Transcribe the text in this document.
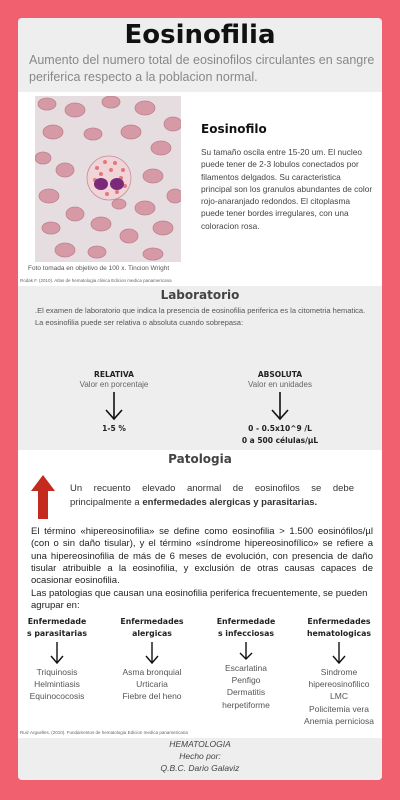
Eosinofilia

Aumento del numero total de eosinofilos circulantes en sangre periferica respecto a la poblacion normal.

Foto tomada en objetivo de 100 x. Tincion Wright
Rodak F. (2010). Atlas de hematologia clinica Edicion medica panamericana
Eosinofilo

Su tamaño oscila entre 15-20 um. El nucleo puede tener de 2-3 lobulos conectados por filamentos delgados. Su caracteristica principal son los granulos abundantes de color rojo-anaranjado redondos. El citoplasma puede tener bordes irregulares, con una coloracion rosa.

Laboratorio

.El examen de laboratorio que indica la presencia de eosinofilia periferica es la citometria hematica. La eosinofilia puede ser relativa o absoluta cuando sobrepasa:

RELATIVA
Valor en porcentaje
1-5 %
ABSOLUTA
Valor en unidades
0 - 0.5x10^9 /L
0 a 500 células/µL
Patologia

Un recuento elevado anormal de eosinofilos se debe principalmente a enfermedades alergicas y parasitarias.

El término «hipereosinofilia» se define como eosinofilia > 1.500 eosinófilos/µl (con o sin daño tisular), y el término «síndrome hipereosinofílico» se refiere a una hipereosinofilia de más de 6 meses de evolución, con presencia de daño tisular atribuible a la eosinofilia, y exclusión de otras causas capaces de ocasionar eosinofilia.

Las patologias que causan una eosinofilia periferica frecuentemente, se pueden agrupar en:

Enfermedade
s parasitarias
Triquinosis
Helmintiasis
Equinococosis
Enfermedades
alergicas
Asma bronquial
Urticaria
Fiebre del heno
Enfermedade
s infecciosas
Escarlatina
Penfigo
Dermatitis
herpetiforme
Enfermedades
hematologicas
Sindrome
hipereosinofilico
LMC
Policitemia vera
Anemia perniciosa
Ruiz Arguelles. (2010). Fundamentos de hematologia Edicion medica panamericana
HEMATOLOGIA
Hecho por:
Q.B.C. Dario Galaviz
